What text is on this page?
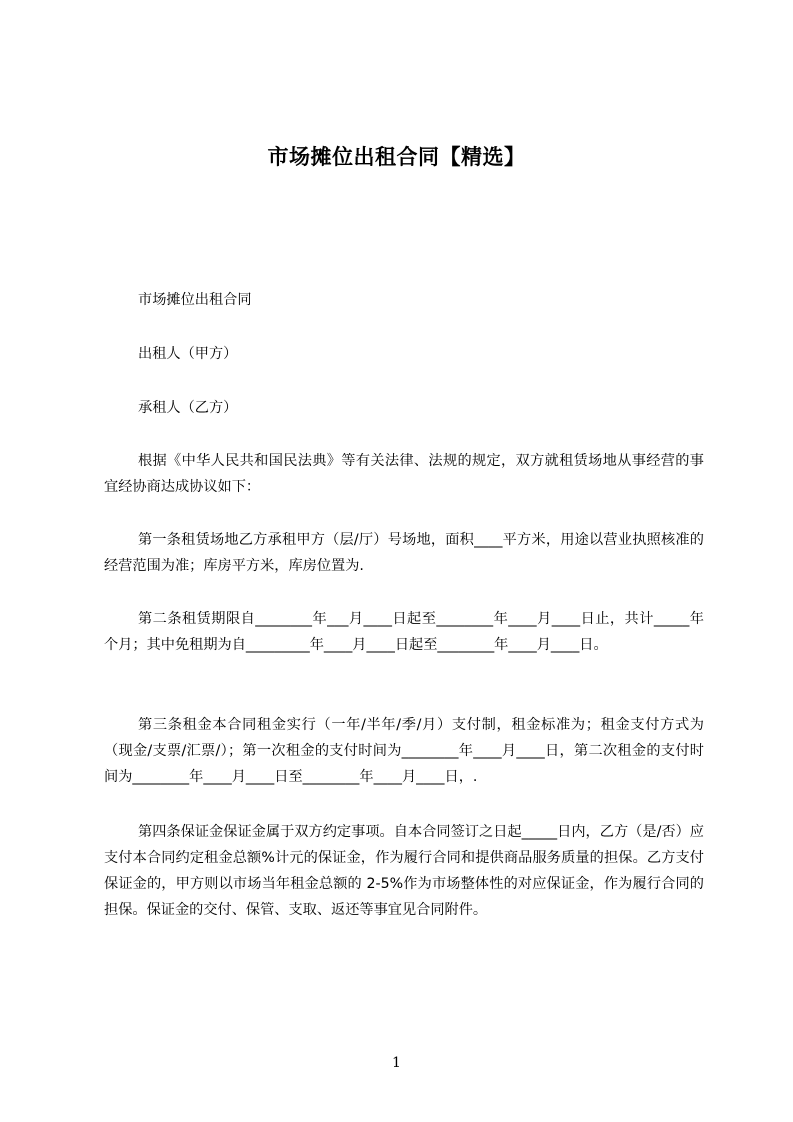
市场摊位出租合同【精选】
市场摊位出租合同
出租人（甲方）
承租人（乙方）
根据《中华人民共和国民法典》等有关法律、法规的规定，双方就租赁场地从事经营的事宜经协商达成协议如下：
第一条租赁场地乙方承租甲方（层/厅）号场地，面积____平方米，用途以营业执照核准的经营范围为准；库房平方米，库房位置为.
第二条租赁期限自________年___月____日起至________年____月____日止，共计_____年个月；其中免租期为自_________年____月____日起至________年____月____日。
第三条租金本合同租金实行（一年/半年/季/月）支付制，租金标准为；租金支付方式为（现金/支票/汇票/）；第一次租金的支付时间为________年____月____日，第二次租金的支付时间为________年____月____日至________年____月____日，.
第四条保证金保证金属于双方约定事项。自本合同签订之日起_____日内，乙方（是/否）应支付本合同约定租金总额%计元的保证金，作为履行合同和提供商品服务质量的担保。乙方支付保证金的，甲方则以市场当年租金总额的 2-5%作为市场整体性的对应保证金，作为履行合同的担保。保证金的交付、保管、支取、返还等事宜见合同附件。
1
